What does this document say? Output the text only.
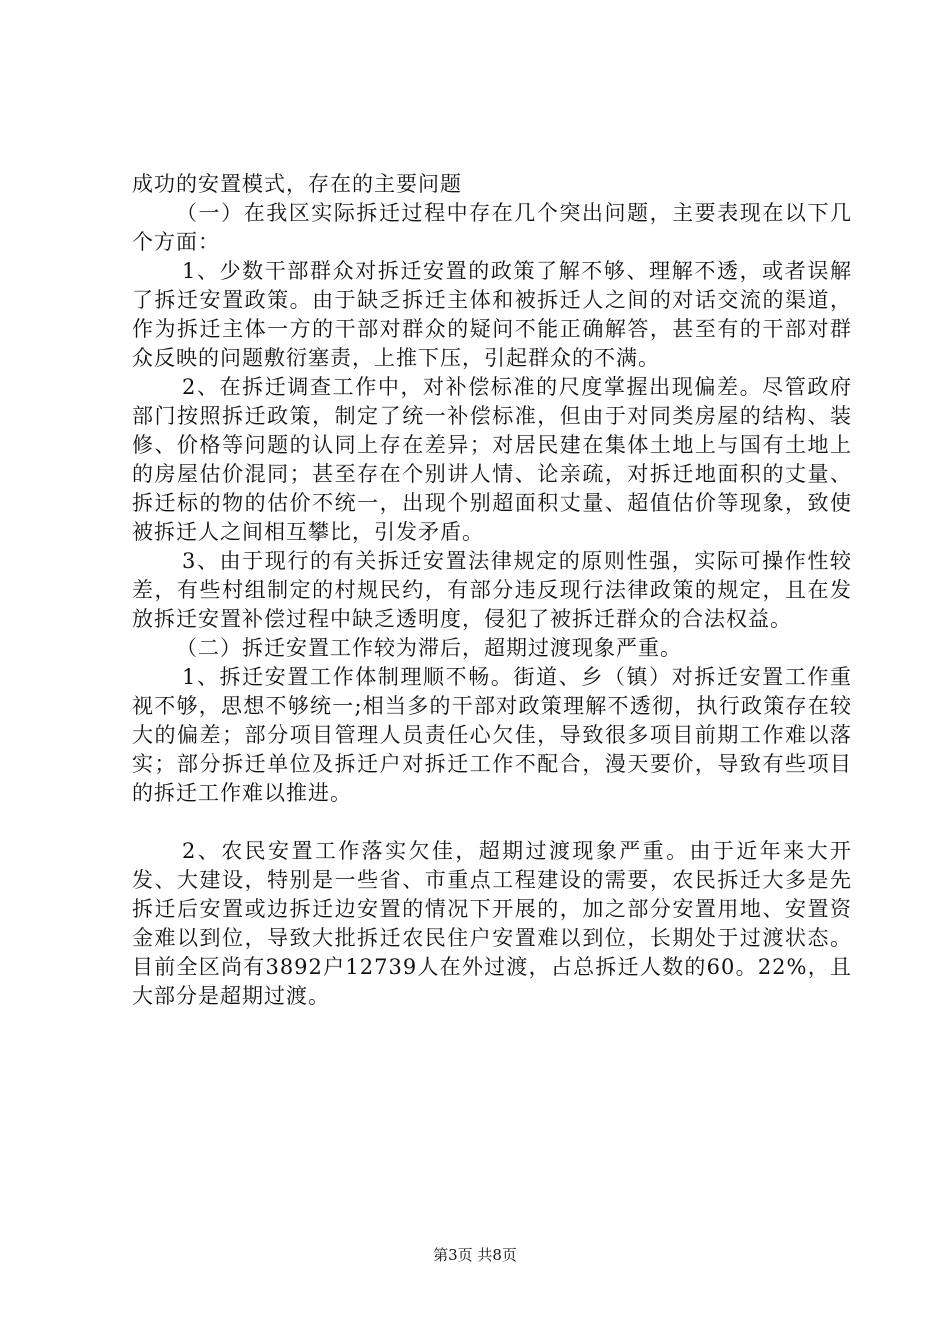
成功的安置模式，存在的主要问题

（一）在我区实际拆迁过程中存在几个突出问题，主要表现在以下几个方面：

1、少数干部群众对拆迁安置的政策了解不够、理解不透，或者误解了拆迁安置政策。由于缺乏拆迁主体和被拆迁人之间的对话交流的渠道，作为拆迁主体一方的干部对群众的疑问不能正确解答，甚至有的干部对群众反映的问题敷衍塞责，上推下压，引起群众的不满。

2、在拆迁调查工作中，对补偿标准的尺度掌握出现偏差。尽管政府部门按照拆迁政策，制定了统一补偿标准，但由于对同类房屋的结构、装修、价格等问题的认同上存在差异；对居民建在集体土地上与国有土地上的房屋估价混同；甚至存在个别讲人情、论亲疏，对拆迁地面积的丈量、拆迁标的物的估价不统一，出现个别超面积丈量、超值估价等现象，致使被拆迁人之间相互攀比，引发矛盾。

3、由于现行的有关拆迁安置法律规定的原则性强，实际可操作性较差，有些村组制定的村规民约，有部分违反现行法律政策的规定，且在发放拆迁安置补偿过程中缺乏透明度，侵犯了被拆迁群众的合法权益。

（二）拆迁安置工作较为滞后，超期过渡现象严重。

1、拆迁安置工作体制理顺不畅。街道、乡（镇）对拆迁安置工作重视不够，思想不够统一;相当多的干部对政策理解不透彻，执行政策存在较大的偏差；部分项目管理人员责任心欠佳，导致很多项目前期工作难以落实；部分拆迁单位及拆迁户对拆迁工作不配合，漫天要价，导致有些项目的拆迁工作难以推进。

2、农民安置工作落实欠佳，超期过渡现象严重。由于近年来大开发、大建设，特别是一些省、市重点工程建设的需要，农民拆迁大多是先拆迁后安置或边拆迁边安置的情况下开展的，加之部分安置用地、安置资金难以到位，导致大批拆迁农民住户安置难以到位，长期处于过渡状态。目前全区尚有3892户12739人在外过渡，占总拆迁人数的60。22%，且大部分是超期过渡。

第3页 共8页
